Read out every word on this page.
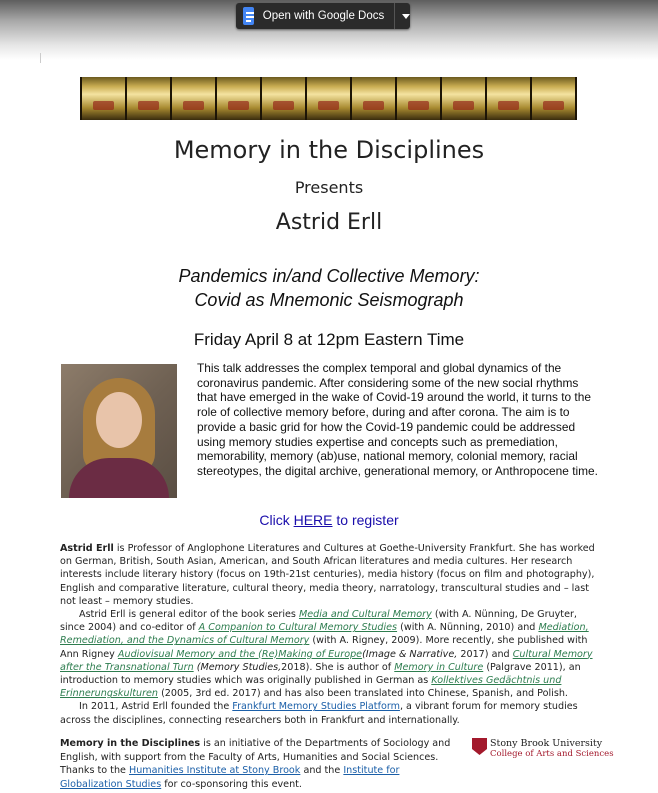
Open with Google Docs
Memory in the Disciplines
Presents
Astrid Erll
Pandemics in/and Collective Memory:
Covid as Mnemonic Seismograph
Friday April 8 at 12pm Eastern Time

This talk addresses the complex temporal and global dynamics of the coronavirus pandemic. After considering some of the new social rhythms that have emerged in the wake of Covid-19 around the world, it turns to the role of collective memory before, during and after corona. The aim is to provide a basic grid for how the Covid-19 pandemic could be addressed using memory studies expertise and concepts such as premediation, memorability, memory (ab)use, national memory, colonial memory, racial stereotypes, the digital archive, generational memory, or Anthropocene time.

Click HERE to register

Astrid Erll is Professor of Anglophone Literatures and Cultures at Goethe-University Frankfurt. She has worked on German, British, South Asian, American, and South African literatures and media cultures. Her research interests include literary history (focus on 19th-21st centuries), media history (focus on film and photography), English and comparative literature, cultural theory, media theory, narratology, transcultural studies and – last not least – memory studies.

Astrid Erll is general editor of the book series Media and Cultural Memory (with A. Nünning, De Gruyter, since 2004) and co-editor of A Companion to Cultural Memory Studies (with A. Nünning, 2010) and Mediation, Remediation, and the Dynamics of Cultural Memory (with A. Rigney, 2009). More recently, she published with Ann Rigney Audiovisual Memory and the (Re)Making of Europe(Image & Narrative, 2017) and Cultural Memory after the Transnational Turn (Memory Studies,2018). She is author of Memory in Culture (Palgrave 2011), an introduction to memory studies which was originally published in German as Kollektives Gedächtnis und Erinnerungskulturen (2005, 3rd ed. 2017) and has also been translated into Chinese, Spanish, and Polish.

In 2011, Astrid Erll founded the Frankfurt Memory Studies Platform, a vibrant forum for memory studies across the disciplines, connecting researchers both in Frankfurt and internationally.

Memory in the Disciplines is an initiative of the Departments of Sociology and English, with support from the Faculty of Arts, Humanities and Social Sciences. Thanks to the Humanities Institute at Stony Brook and the Institute for Globalization Studies for co-sponsoring this event.

Stony Brook University
College of Arts and Sciences
